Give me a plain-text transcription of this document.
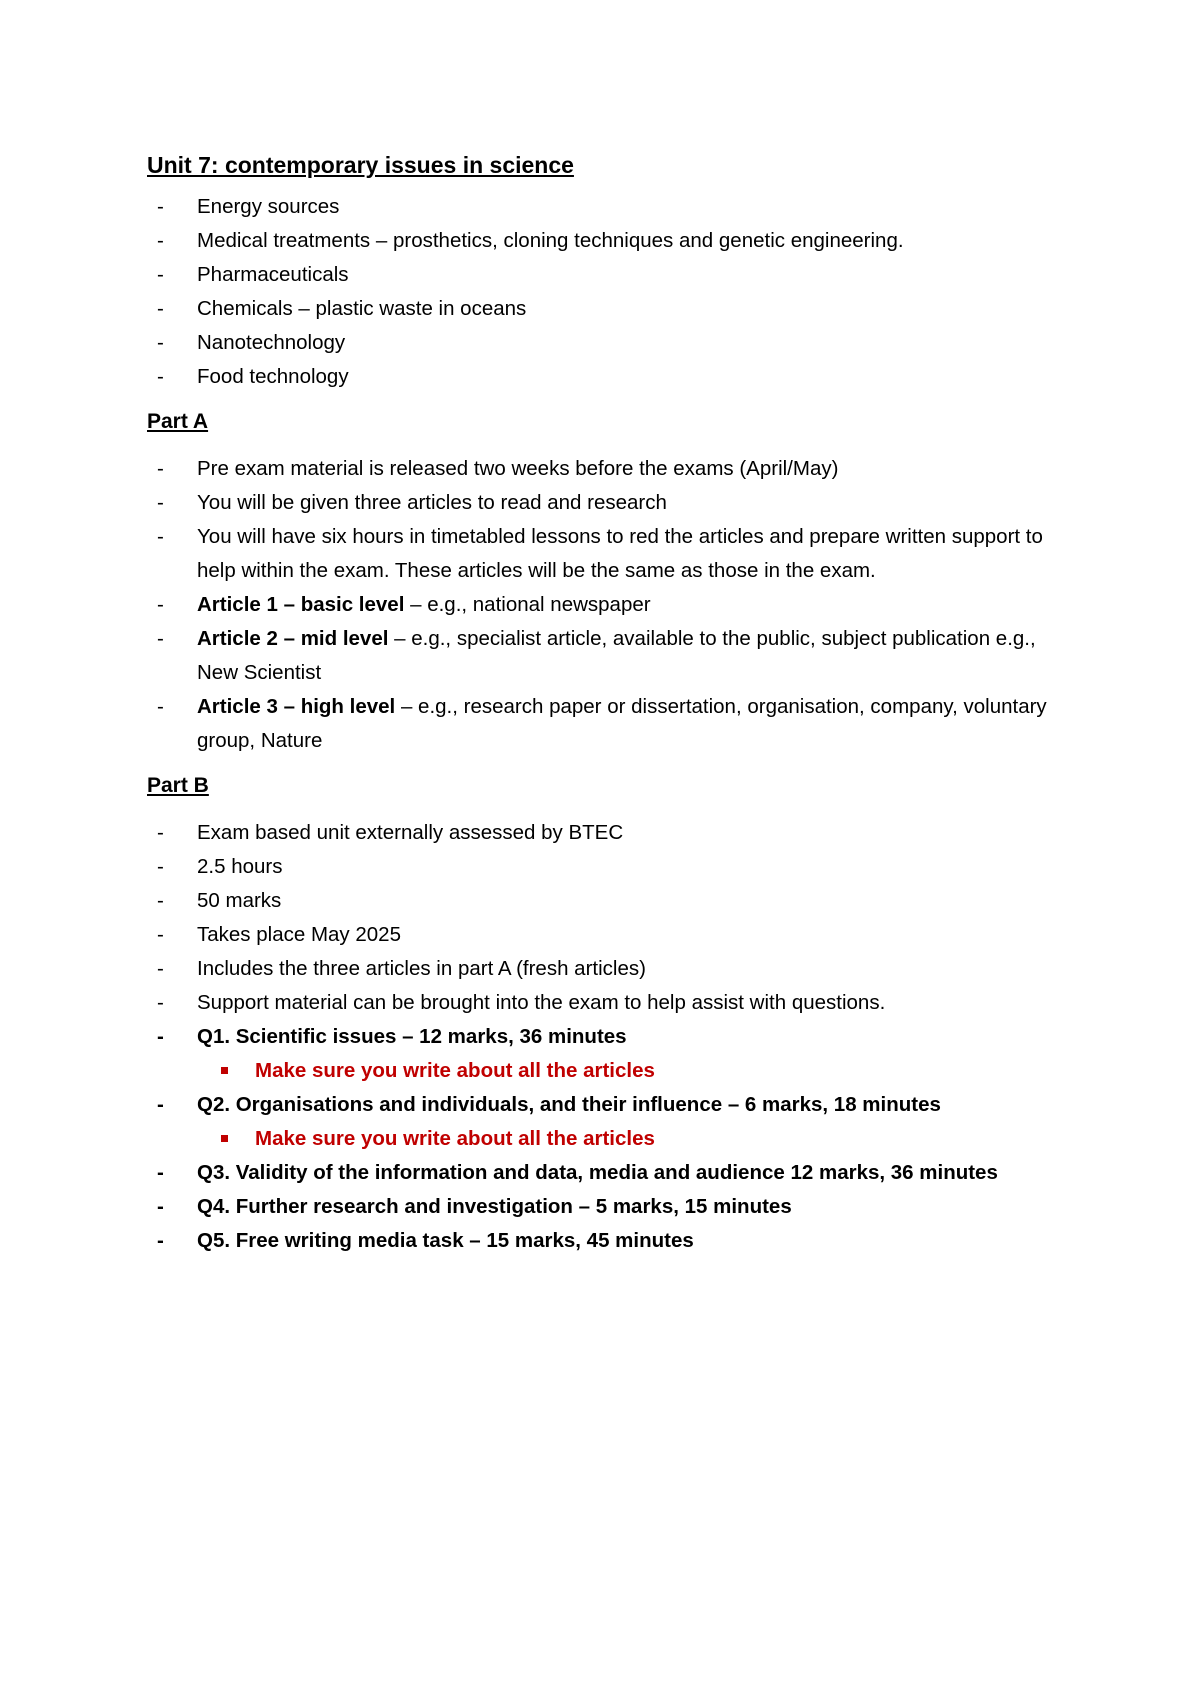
Unit 7: contemporary issues in science

- Energy sources
- Medical treatments – prosthetics, cloning techniques and genetic engineering.
- Pharmaceuticals
- Chemicals – plastic waste in oceans
- Nanotechnology
- Food technology

Part A

- Pre exam material is released two weeks before the exams (April/May)
- You will be given three articles to read and research
- You will have six hours in timetabled lessons to red the articles and prepare written support to help within the exam. These articles will be the same as those in the exam.
- Article 1 – basic level – e.g., national newspaper
- Article 2 – mid level – e.g., specialist article, available to the public, subject publication e.g., New Scientist
- Article 3 – high level – e.g., research paper or dissertation, organisation, company, voluntary group, Nature

Part B

- Exam based unit externally assessed by BTEC
- 2.5 hours
- 50 marks
- Takes place May 2025
- Includes the three articles in part A (fresh articles)
- Support material can be brought into the exam to help assist with questions.
- Q1. Scientific issues – 12 marks, 36 minutes
Make sure you write about all the articles
- Q2. Organisations and individuals, and their influence – 6 marks, 18 minutes
Make sure you write about all the articles
- Q3. Validity of the information and data, media and audience 12 marks, 36 minutes
- Q4. Further research and investigation – 5 marks, 15 minutes
- Q5. Free writing media task – 15 marks, 45 minutes
